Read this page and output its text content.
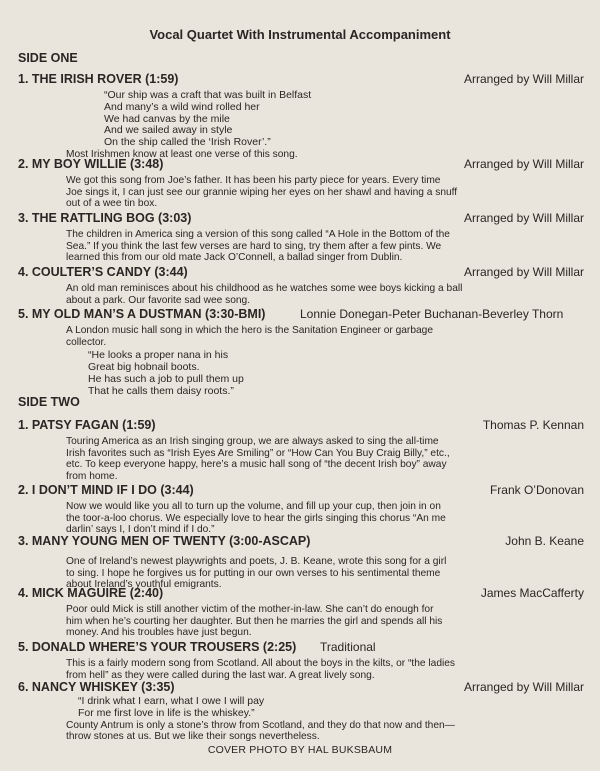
Vocal Quartet With Instrumental Accompaniment
SIDE ONE
1. THE IRISH ROVER (1:59)	Arranged by Will Millar
“Our ship was a craft that was built in Belfast
And many’s a wild wind rolled her
We had canvas by the mile
And we sailed away in style
On the ship called the ‘Irish Rover’.”
Most Irishmen know at least one verse of this song.
2. MY BOY WILLIE (3:48)	Arranged by Will Millar
We got this song from Joe’s father. It has been his party piece for years. Every time
Joe sings it, I can just see our grannie wiping her eyes on her shawl and having a snuff
out of a wee tin box.
3. THE RATTLING BOG (3:03)	Arranged by Will Millar
The children in America sing a version of this song called “A Hole in the Bottom of the
Sea.” If you think the last few verses are hard to sing, try them after a few pints. We
learned this from our old mate Jack O’Connell, a ballad singer from Dublin.
4. COULTER’S CANDY (3:44)	Arranged by Will Millar
An old man reminisces about his childhood as he watches some wee boys kicking a ball
about a park. Our favorite sad wee song.
5. MY OLD MAN’S A DUSTMAN (3:30-BMI)	Lonnie Donegan-Peter Buchanan-Beverley Thorn
A London music hall song in which the hero is the Sanitation Engineer or garbage
collector.
“He looks a proper nana in his
Great big hobnail boots.
He has such a job to pull them up
That he calls them daisy roots.”
SIDE TWO
1. PATSY FAGAN (1:59)	Thomas P. Kennan
Touring America as an Irish singing group, we are always asked to sing the all-time
Irish favorites such as “Irish Eyes Are Smiling” or “How Can You Buy Craig Billy,” etc.,
etc. To keep everyone happy, here’s a music hall song of “the decent Irish boy” away
from home.
2. I DON’T MIND IF I DO (3:44)	Frank O’Donovan
Now we would like you all to turn up the volume, and fill up your cup, then join in on
the toor-a-loo chorus. We especially love to hear the girls singing this chorus “An me
darlin’ says I, I don’t mind if I do.”
3. MANY YOUNG MEN OF TWENTY (3:00-ASCAP)	John B. Keane
One of Ireland’s newest playwrights and poets, J. B. Keane, wrote this song for a girl
to sing. I hope he forgives us for putting in our own verses to his sentimental theme
about Ireland’s youthful emigrants.
4. MICK MAGUIRE (2:40)	James MacCafferty
Poor ould Mick is still another victim of the mother-in-law. She can’t do enough for
him when he’s courting her daughter. But then he marries the girl and spends all his
money. And his troubles have just begun.
5. DONALD WHERE’S YOUR TROUSERS (2:25) Traditional
This is a fairly modern song from Scotland. All about the boys in the kilts, or “the ladies
from hell” as they were called during the last war. A great lively song.
6. NANCY WHISKEY (3:35)	Arranged by Will Millar
“I drink what I earn, what I owe I will pay
For me first love in life is the whiskey.”
County Antrum is only a stone’s throw from Scotland, and they do that now and then—
throw stones at us. But we like their songs nevertheless.
COVER PHOTO BY HAL BUKSBAUM
